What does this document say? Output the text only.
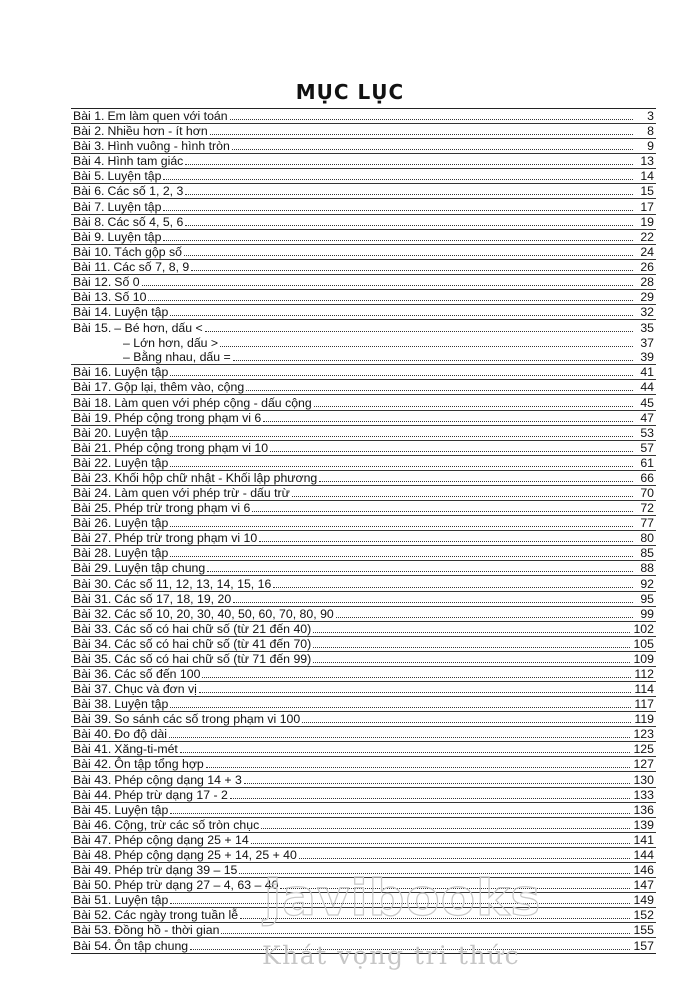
MỤC LỤC
Bài 1. Em làm quen với toán	3
Bài 2. Nhiều hơn - ít hơn	8
Bài 3. Hình vuông - hình tròn	9
Bài 4. Hình tam giác	13
Bài 5. Luyện tập	14
Bài 6. Các số 1, 2, 3	15
Bài 7. Luyện tập	17
Bài 8. Các số 4, 5, 6	19
Bài 9. Luyện tập	22
Bài 10. Tách gộp số	24
Bài 11. Các số 7, 8, 9	26
Bài 12. Số 0	28
Bài 13. Số 10	29
Bài 14. Luyện tập	32
Bài 15. – Bé hơn, dấu <	35
– Lớn hơn, dấu >	37
– Bằng nhau, dấu =	39
Bài 16. Luyện tập	41
Bài 17. Gộp lại, thêm vào, cộng	44
Bài 18. Làm quen với phép cộng - dấu cộng	45
Bài 19. Phép cộng trong phạm vi 6	47
Bài 20. Luyện tập	53
Bài 21. Phép cộng trong phạm vi 10	57
Bài 22. Luyện tập	61
Bài 23. Khối hộp chữ nhật - Khối lập phương	66
Bài 24. Làm quen với phép trừ - dấu trừ	70
Bài 25. Phép trừ trong phạm vi 6	72
Bài 26. Luyện tập	77
Bài 27. Phép trừ trong phạm vi 10	80
Bài 28. Luyện tập	85
Bài 29. Luyện tập chung	88
Bài 30. Các số 11, 12, 13, 14, 15, 16	92
Bài 31. Các số 17, 18, 19, 20	95
Bài 32. Các số 10, 20, 30, 40, 50, 60, 70, 80, 90	99
Bài 33. Các số có hai chữ số (từ 21 đến 40)	102
Bài 34. Các số có hai chữ số (từ 41 đến 70)	105
Bài 35. Các số có hai chữ số (từ 71 đến 99)	109
Bài 36. Các số đến 100	112
Bài 37. Chục và đơn vị	114
Bài 38. Luyện tập	117
Bài 39. So sánh các số trong phạm vi 100	119
Bài 40. Đo độ dài	123
Bài 41. Xăng-ti-mét	125
Bài 42. Ôn tập tổng hợp	127
Bài 43. Phép cộng dạng 14 + 3	130
Bài 44. Phép trừ dạng 17 - 2	133
Bài 45. Luyện tập	136
Bài 46. Cộng, trừ các số tròn chục	139
Bài 47. Phép cộng dạng 25 + 14	141
Bài 48. Phép cộng dạng 25 + 14, 25 + 40	144
Bài 49. Phép trừ dạng 39 – 15	146
Bài 50. Phép trừ dạng 27 – 4, 63 – 40	147
Bài 51. Luyện tập	149
Bài 52. Các ngày trong tuần lễ	152
Bài 53. Đồng hồ - thời gian	155
Bài 54. Ôn tập chung	157
javibooks
Khát vọng tri thức
